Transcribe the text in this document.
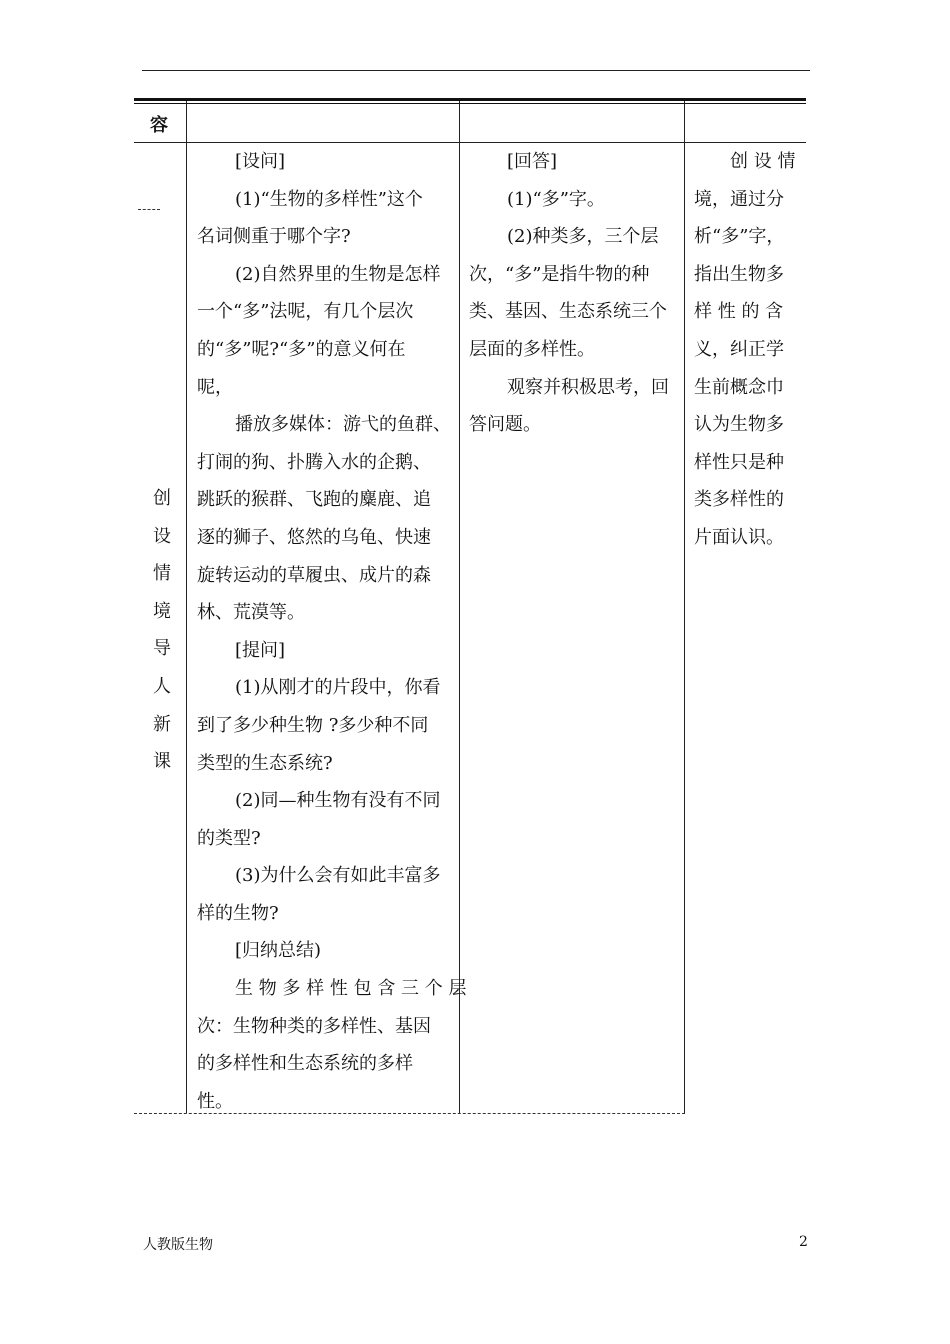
容
创
设
情
境
导
人
新
课
[设问]
(1)“生物的多样性”这个
名词侧重于哪个字?
(2)自然界里的生物是怎样
一个“多”法呢，有几个层次
的“多”呢?“多”的意义何在
呢，
播放多媒体：游弋的鱼群、
打闹的狗、扑腾入水的企鹅、
跳跃的猴群、飞跑的麋鹿、追
逐的狮子、悠然的乌龟、快速
旋转运动的草履虫、成片的森
林、荒漠等。
[提问]
(1)从刚才的片段中，你看
到了多少种生物 ?多少种不同
类型的生态系统?
(2)同—种生物有没有不同
的类型?
(3)为什么会有如此丰富多
样的生物?
[归纳总结)
生 物 多 样 性 包 含 三 个 层
次：生物种类的多样性、基因
的多样性和生态系统的多样
性。
[回答]
(1)“多”字。
(2)种类多，三个层
次，“多”是指牛物的种
类、基因、生态系统三个
层面的多样性。
观察并积极思考，回
答问题。
创 设 情
境，通过分
析“多”字，
指出生物多
样 性 的 含
义，纠正学
生前概念巾
认为生物多
样性只是种
类多样性的
片面认识。
人教版生物	2
